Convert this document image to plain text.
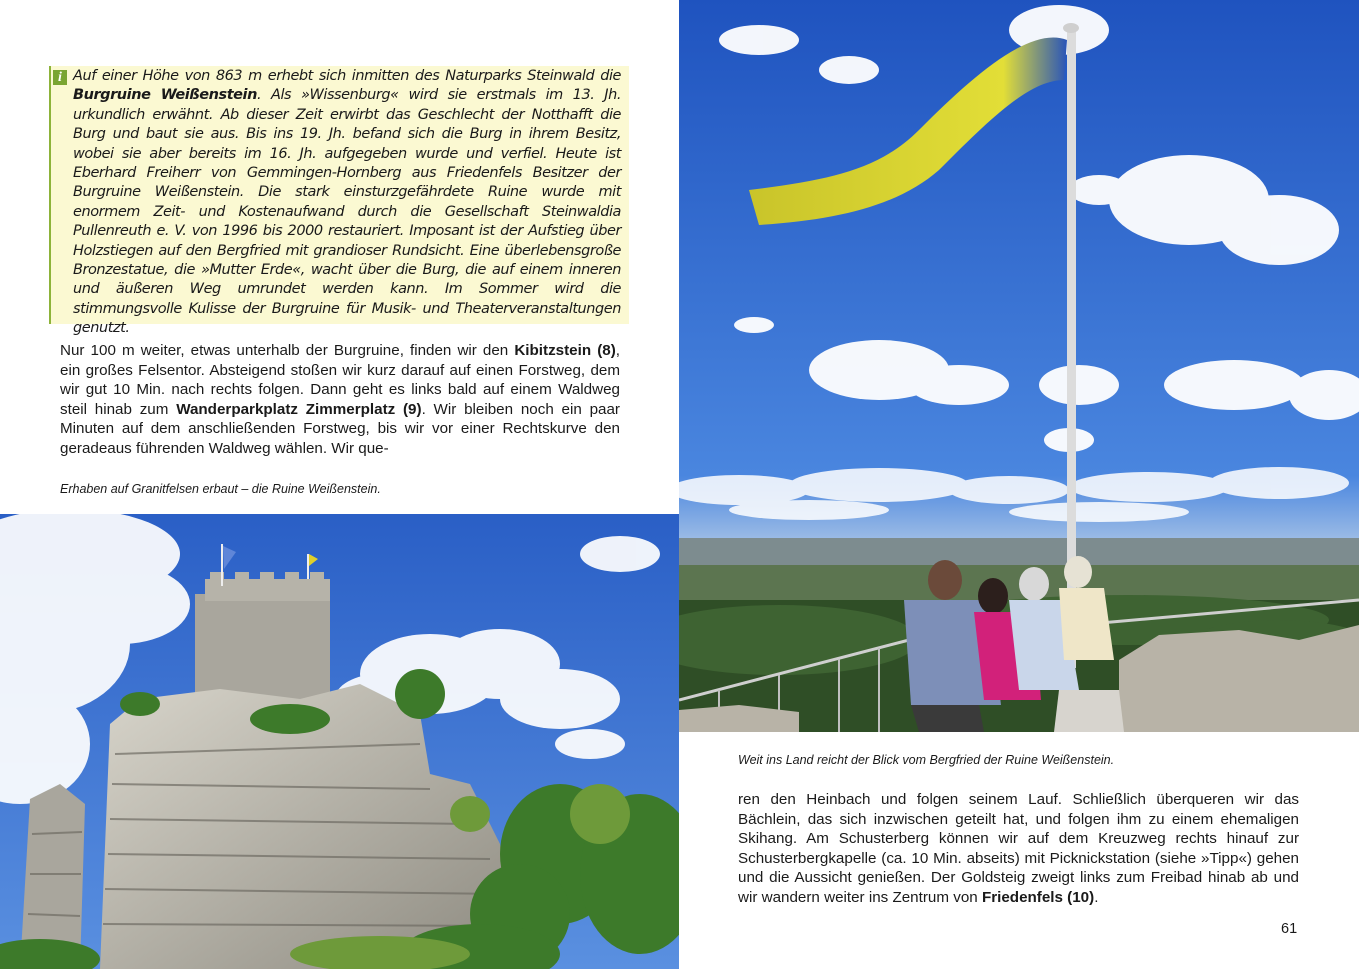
i Auf einer Höhe von 863 m erhebt sich inmitten des Naturparks Steinwald die Burgruine Weißenstein. Als »Wissenburg« wird sie erstmals im 13. Jh. urkundlich erwähnt. Ab dieser Zeit erwirbt das Geschlecht der Notthafft die Burg und baut sie aus. Bis ins 19. Jh. befand sich die Burg in ihrem Besitz, wobei sie aber bereits im 16. Jh. aufgegeben wurde und verfiel. Heute ist Eberhard Freiherr von Gemmingen-Hornberg aus Friedenfels Besitzer der Burgruine Weißenstein. Die stark einsturzgefährdete Ruine wurde mit enormem Zeit- und Kostenaufwand durch die Gesellschaft Steinwaldia Pullenreuth e. V. von 1996 bis 2000 restauriert. Imposant ist der Aufstieg über Holzstiegen auf den Bergfried mit grandioser Rundsicht. Eine überlebensgroße Bronzestatue, die »Mutter Erde«, wacht über die Burg, die auf einem inneren und äußeren Weg umrundet werden kann. Im Sommer wird die stimmungsvolle Kulisse der Burgruine für Musik- und Theaterveranstaltungen genutzt.
Nur 100 m weiter, etwas unterhalb der Burgruine, finden wir den Kibitzstein (8), ein großes Felsentor. Absteigend stoßen wir kurz darauf auf einen Forstweg, dem wir gut 10 Min. nach rechts folgen. Dann geht es links bald auf einem Waldweg steil hinab zum Wanderparkplatz Zimmerplatz (9). Wir bleiben noch ein paar Minuten auf dem anschließenden Forstweg, bis wir vor einer Rechtskurve den geradeaus führenden Waldweg wählen. Wir que-
Erhaben auf Granitfelsen erbaut – die Ruine Weißenstein.
Weit ins Land reicht der Blick vom Bergfried der Ruine Weißenstein.
ren den Heinbach und folgen seinem Lauf. Schließlich überqueren wir das Bächlein, das sich inzwischen geteilt hat, und folgen ihm zu einem ehemaligen Skihang. Am Schusterberg können wir auf dem Kreuzweg rechts hinauf zur Schusterbergkapelle (ca. 10 Min. abseits) mit Picknickstation (siehe »Tipp«) gehen und die Aussicht genießen. Der Goldsteig zweigt links zum Freibad hinab ab und wir wandern weiter ins Zentrum von Friedenfels (10).
61
